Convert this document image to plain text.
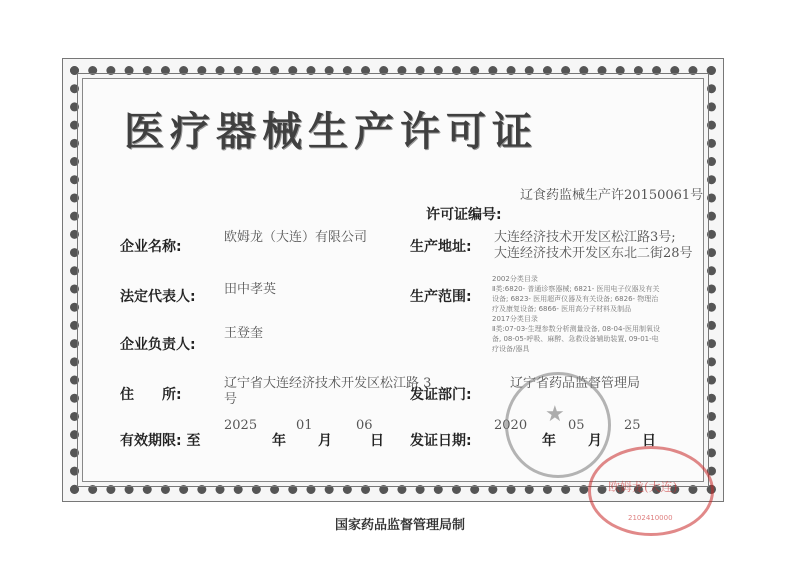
医疗器械生产许可证
许可证编号:
辽食药监械生产许20150061号
企业名称:
欧姆龙（大连）有限公司
生产地址:
大连经济技术开发区松江路3号;
大连经济技术开发区东北二街28号
法定代表人: 田中孝英	生产范围:
2002分类目录
Ⅱ类:6820- 普通诊察器械; 6821- 医用电子仪器及有关
设备; 6823- 医用超声仪器及有关设备; 6826- 物理治
疗及康复设备; 6866- 医用高分子材料及制品
2017分类目录
Ⅱ类:07-03-生理参数分析测量设备, 08-04-医用制氧设
备, 08-05-呼吸、麻醉、急救设备辅助装置, 09-01-电
疗设备/器具
企业负责人:
王登奎
住　　所:
辽宁省大连经济技术开发区松江路 3
号	发证部门:
辽宁省药品监督管理局
有效期限: 至
2025
年
01
月
06
日 发证日期:
2020
年
05
月
25
日
★
欧姆龙(大连)
2102410000
国家药品监督管理局制
